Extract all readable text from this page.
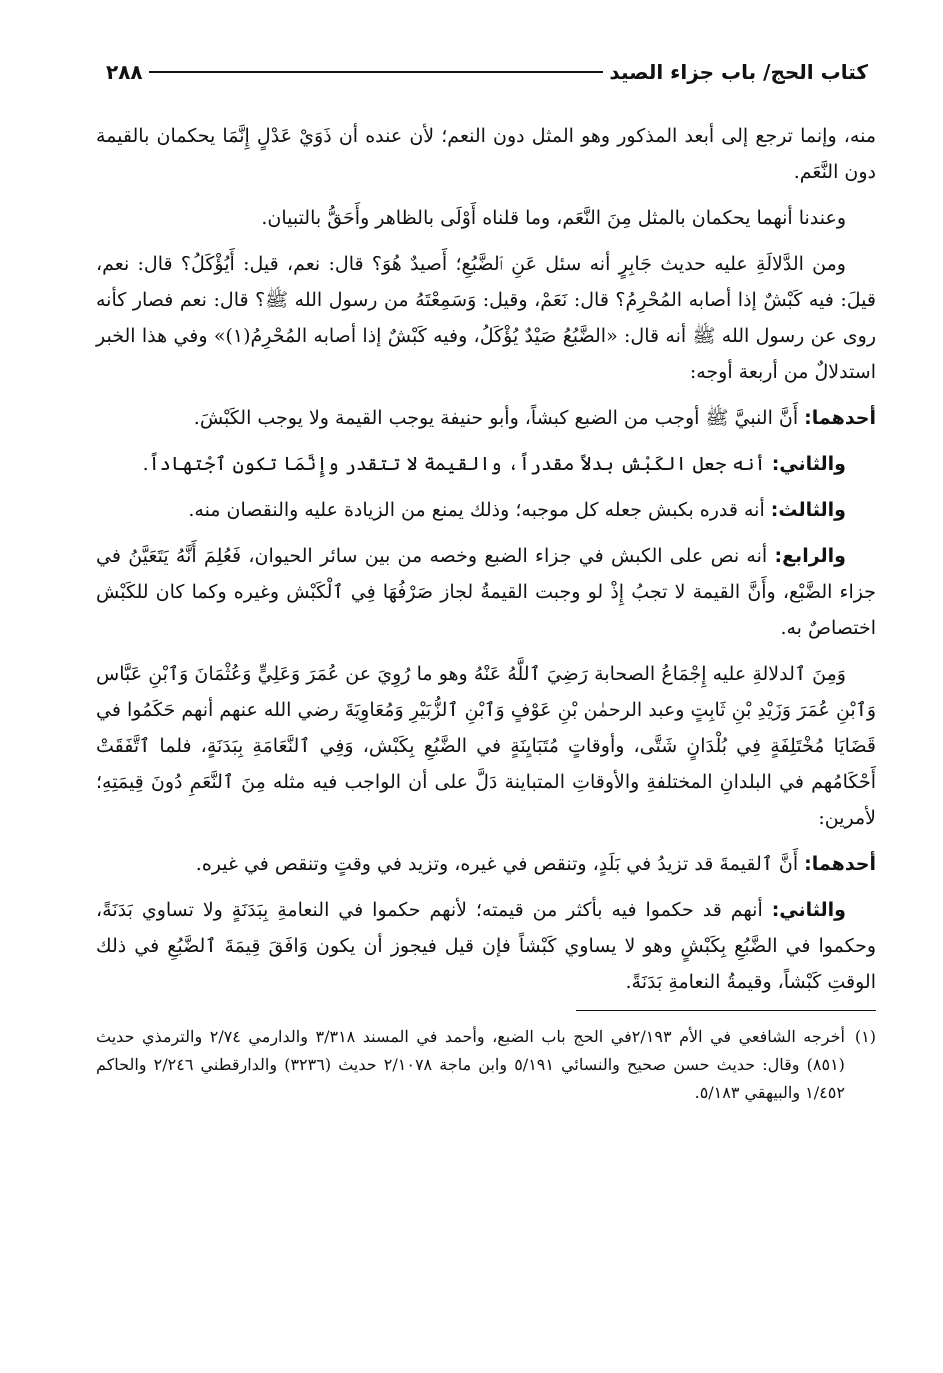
كتاب الحج/ باب جزاء الصيد
٢٨٨

منه، وإنما ترجع إلى أبعد المذكور وهو المثل دون النعم؛ لأن عنده أن ذَوَيْ عَدْلٍ إِنَّمَا يحكمان بالقيمة دون النَّعَم.

وعندنا أنهما يحكمان بالمثل مِنَ النَّعَم، وما قلناه أَوْلَى بالظاهر وأَحَقُّ بالتبيان.

ومن الدَّلالَةِ عليه حديث جَابِرٍ أنه سئل عَنِ ٱلضَّبُعِ؛ أَصيدٌ هُوَ؟ قال: نعم، قيل: أَيُؤْكَلُ؟ قال: نعم، قيلَ: فيه كَبْشٌ إذا أصابه المُحْرِمُ؟ قال: نَعَمْ، وقيل: وَسَمِعْتَهُ من رسول الله ﷺ؟ قال: نعم فصار كأنه روى عن رسول الله ﷺ أنه قال: «الضَّبُعُ صَيْدٌ يُؤْكَلُ، وفيه كَبْشٌ إذا أصابه المُحْرِمُ(١)» وفي هذا الخبر استدلالٌ من أربعة أوجه:

أحدهما: أَنَّ النبيَّ ﷺ أوجب من الضبع كبشاً، وأبو حنيفة يوجب القيمة ولا يوجب الكَبْشَ.

والثاني: أنه جعل الكَبْش بدلاً مقدراً، والقيمة لا تتقدر وإِنَّمَا تكون ٱجْتهاداً.

والثالث: أنه قدره بكبش جعله كل موجبه؛ وذلك يمنع من الزيادة عليه والنقصان منه.

والرابع: أنه نص على الكبش في جزاء الضبع وخصه من بين سائر الحيوان، فَعُلِمَ أَنَّهُ يَتَعَيَّنُ في جزاء الضَّبْع، وأَنَّ القيمة لا تجبُ إِذْ لو وجبت القيمةُ لجاز صَرْفُهَا فِي ٱلْكَبْش وغيره وكما كان للكَبْش اختصاصٌ به.

وَمِنَ ٱلدلالةِ عليه إِجْمَاعُ الصحابة رَضِيَ ٱللَّهُ عَنْهُ وهو ما رُوِيَ عن عُمَرَ وَعَلِيٍّ وَعُثْمَانَ وَٱبْنِ عَبَّاس وَٱبْنِ عُمَرَ وَزَيْدِ بْنِ ثَابِتٍ وعبد الرحمٰن بْنِ عَوْفٍ وَٱبْنِ ٱلزُّبَيْرِ وَمُعَاوِيَةَ رضي الله عنهم أنهم حَكَمُوا في قَضَايَا مُخْتَلِفَةٍ فِي بُلْدَانٍ شَتَّى، وأوقاتٍ مُتَبَايِنَةٍ في الضَّبُعِ بِكَبْش، وَفِي ٱلنَّعَامَةِ بِبَدَنَةٍ، فلما ٱتَّفَقَتْ أَحْكَامُهم في البلدانِ المختلفةِ والأوقاتِ المتباينة دَلَّ على أن الواجب فيه مثله مِنَ ٱلنَّعَمِ دُونَ قِيمَتِهِ؛ لأمرين:

أحدهما: أَنَّ ٱلقيمةَ قد تزيدُ في بَلَدٍ، وتنقص في غيره، وتزيد في وقتٍ وتنقص في غيره.

والثاني: أنهم قد حكموا فيه بأكثر من قيمته؛ لأنهم حكموا في النعامةِ بِبَدَنَةٍ ولا تساوي بَدَنَةً، وحكموا في الضَّبُعِ بِكَبْشٍ وهو لا يساوي كَبْشاً فإن قيل فيجوز أن يكون وَافَقَ قِيمَةَ ٱلضَّبُعِ في ذلك الوقتِ كَبْشاً، وقيمةُ النعامةِ بَدَنَةً.

(١)
أخرجه الشافعي في الأم ٢/١٩٣في الحج باب الضبع، وأحمد في المسند ٣/٣١٨ والدارمي ٢/٧٤ والترمذي حديث (٨٥١) وقال: حديث حسن صحيح والنسائي ٥/١٩١ وابن ماجة ٢/١٠٧٨ حديث (٣٢٣٦) والدارقطني ٢/٢٤٦ والحاكم ١/٤٥٢ والبيهقي ٥/١٨٣.
